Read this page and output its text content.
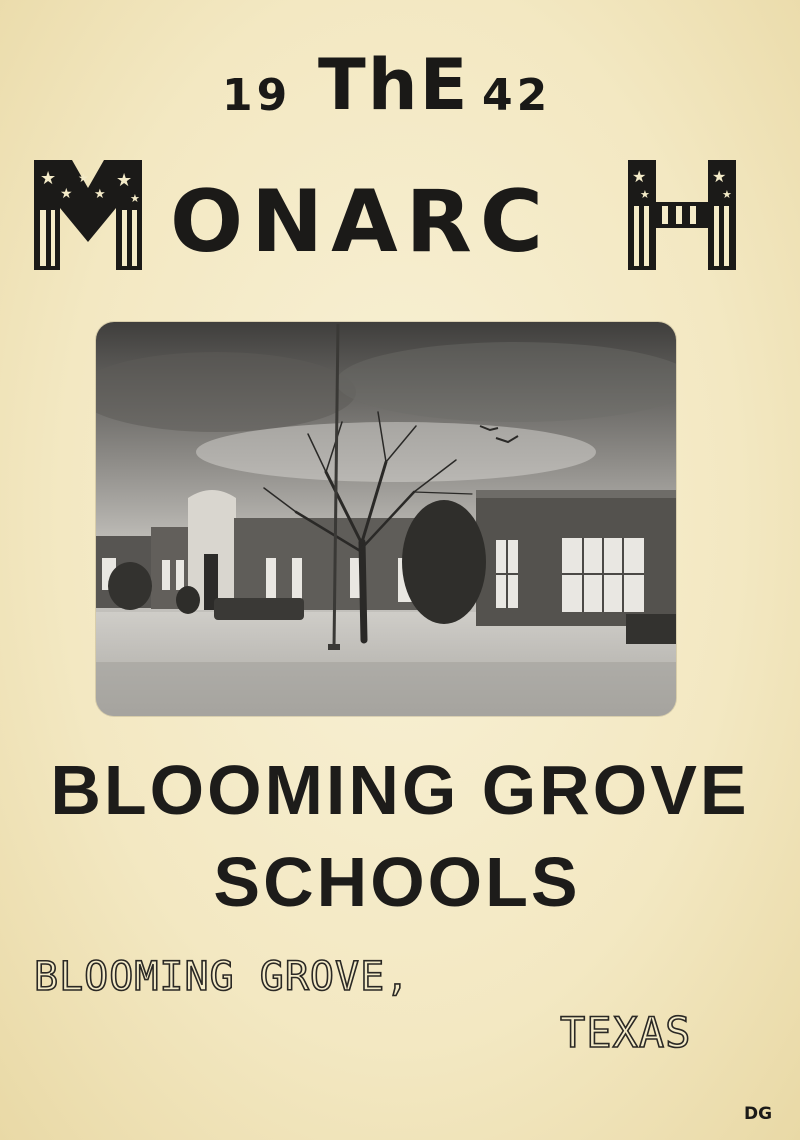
19 ThE 42
★
★
★
★
★
★ ONARC	★
★
★
★
BLOOMING GROVE
SCHOOLS
BLOOMING GROVE,
TEXAS
DG
